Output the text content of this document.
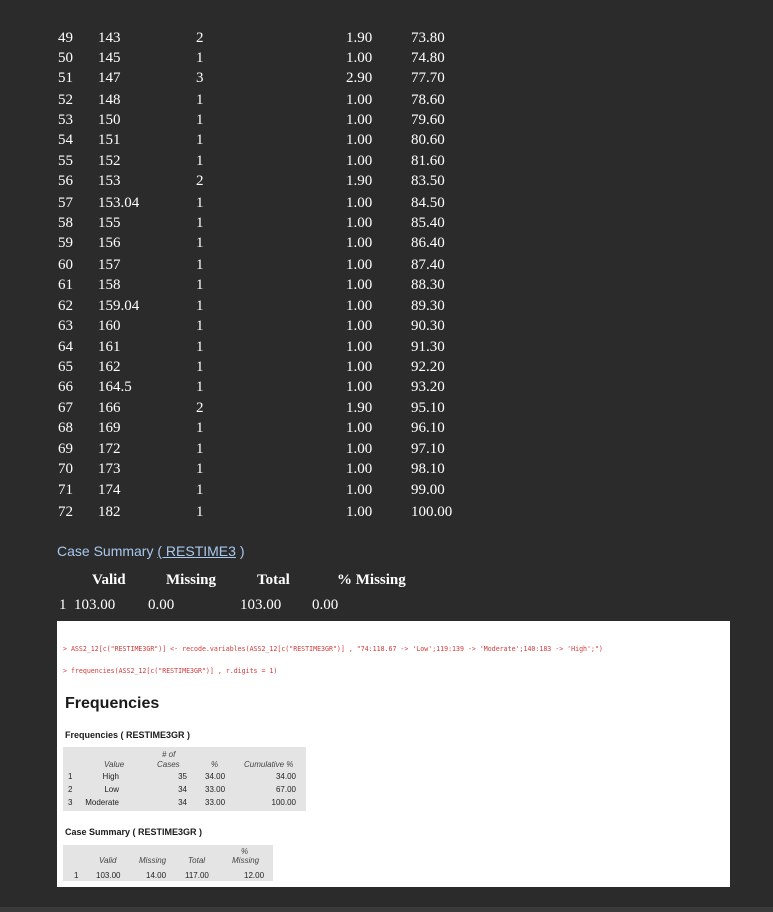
49 143	2	1.90	73.80
50 145	1	1.00	74.80
51 147	3	2.90	77.70
52 148	1	1.00	78.60
53 150	1	1.00	79.60
54 151	1	1.00	80.60
55 152	1	1.00	81.60
56 153	2	1.90	83.50
57 153.04	1	1.00	84.50
58 155	1	1.00	85.40
59 156	1	1.00	86.40
60 157	1	1.00	87.40
61 158	1	1.00	88.30
62 159.04	1	1.00	89.30
63 160	1	1.00	90.30
64 161	1	1.00	91.30
65 162	1	1.00	92.20
66 164.5	1	1.00	93.20
67 166	2	1.90	95.10
68 169	1	1.00	96.10
69 172	1	1.00	97.10
70 173	1	1.00	98.10
71 174	1	1.00	99.00
72 182	1	1.00	100.00
Case Summary ( RESTIME3 )
Valid	Missing	Total	% Missing
1 103.00 0.00	103.00 0.00
> ASS2_12[c("RESTIME3GR")] <- recode.variables(ASS2_12[c("RESTIME3GR")] , "74:118.67 -> 'Low';119:139 -> 'Moderate';140:183 -> 'High';")
> frequencies(ASS2_12[c("RESTIME3GR")] , r.digits = 1)
Frequencies
Frequencies ( RESTIME3GR )
Value
# of
Cases	%	Cumulative %
1	High	35 34.00	34.00
2	Low	34 33.00	67.00
3 Moderate	34 33.00	100.00
Case Summary ( RESTIME3GR )
Valid	Missing	Total
%
Missing
1 103.00	14.00 117.00	12.00
